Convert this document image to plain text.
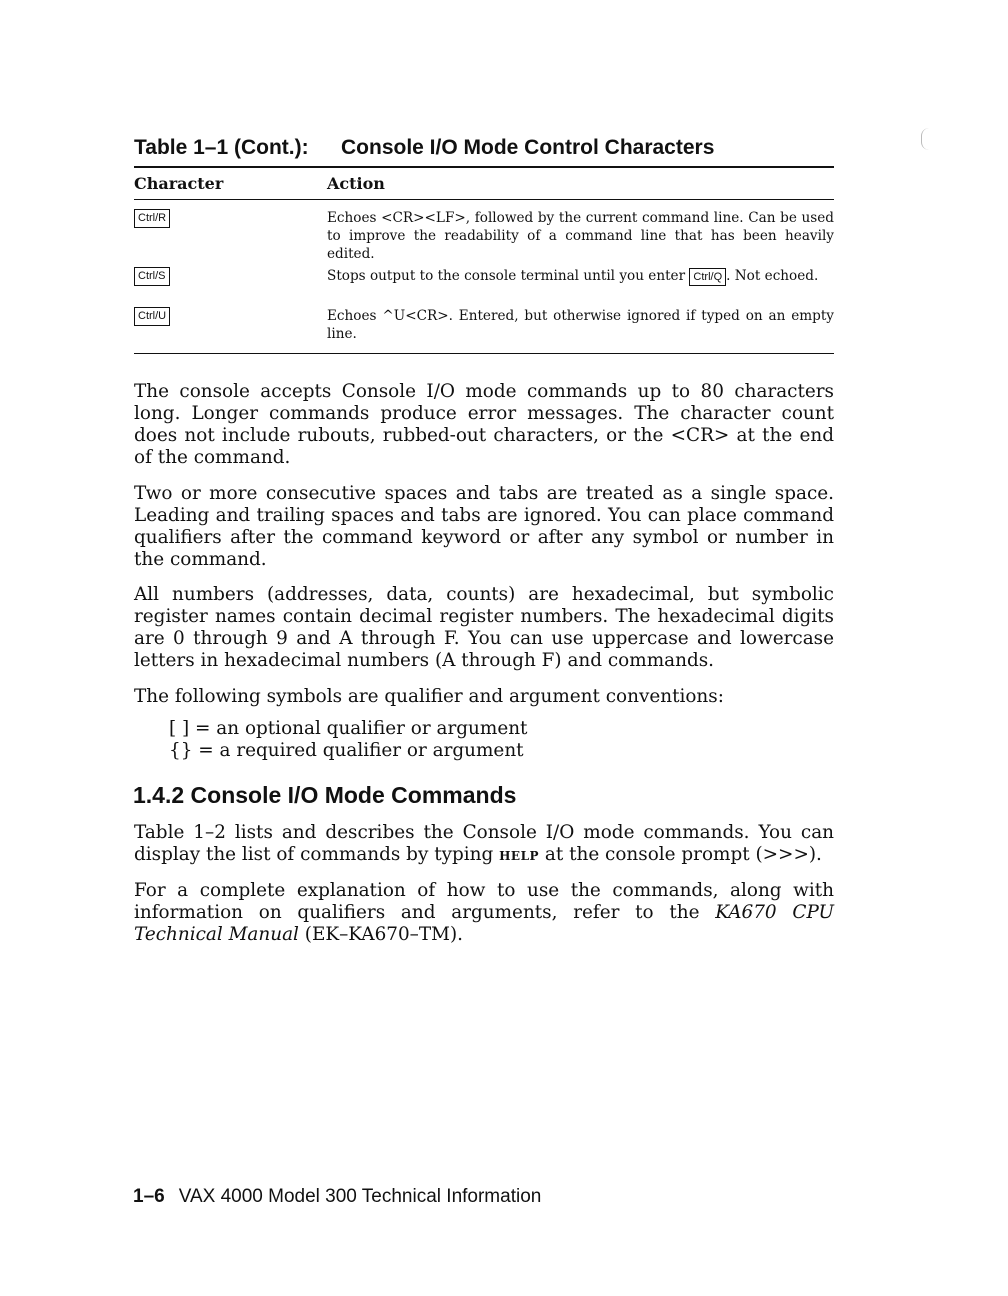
Table 1–1 (Cont.): Console I/O Mode Control Characters
Character	Action
Ctrl/R	Echoes <CR><LF>, followed by the current command line. Can be used to improve the readability of a command line that has been heavily edited.
Ctrl/S	Stops output to the console terminal until you enter Ctrl/Q . Not echoed.
Ctrl/U	Echoes ^U<CR>. Entered, but otherwise ignored if typed on an empty line.
The console accepts Console I/O mode commands up to 80 characters long. Longer commands produce error messages. The character count does not include rubouts, rubbed-out characters, or the <CR> at the end of the command.
Two or more consecutive spaces and tabs are treated as a single space. Leading and trailing spaces and tabs are ignored. You can place command qualifiers after the command keyword or after any symbol or number in the command.
All numbers (addresses, data, counts) are hexadecimal, but symbolic register names contain decimal register numbers. The hexadecimal digits are 0 through 9 and A through F. You can use uppercase and lowercase letters in hexadecimal numbers (A through F) and commands.
The following symbols are qualifier and argument conventions:
[ ] = an optional qualifier or argument
{} = a required qualifier or argument
1.4.2 Console I/O Mode Commands
Table 1–2 lists and describes the Console I/O mode commands. You can display the list of commands by typing HELP at the console prompt (>>>).
For a complete explanation of how to use the commands, along with information on qualifiers and arguments, refer to the KA670 CPU Technical Manual (EK–KA670–TM).
1–6 VAX 4000 Model 300 Technical Information
